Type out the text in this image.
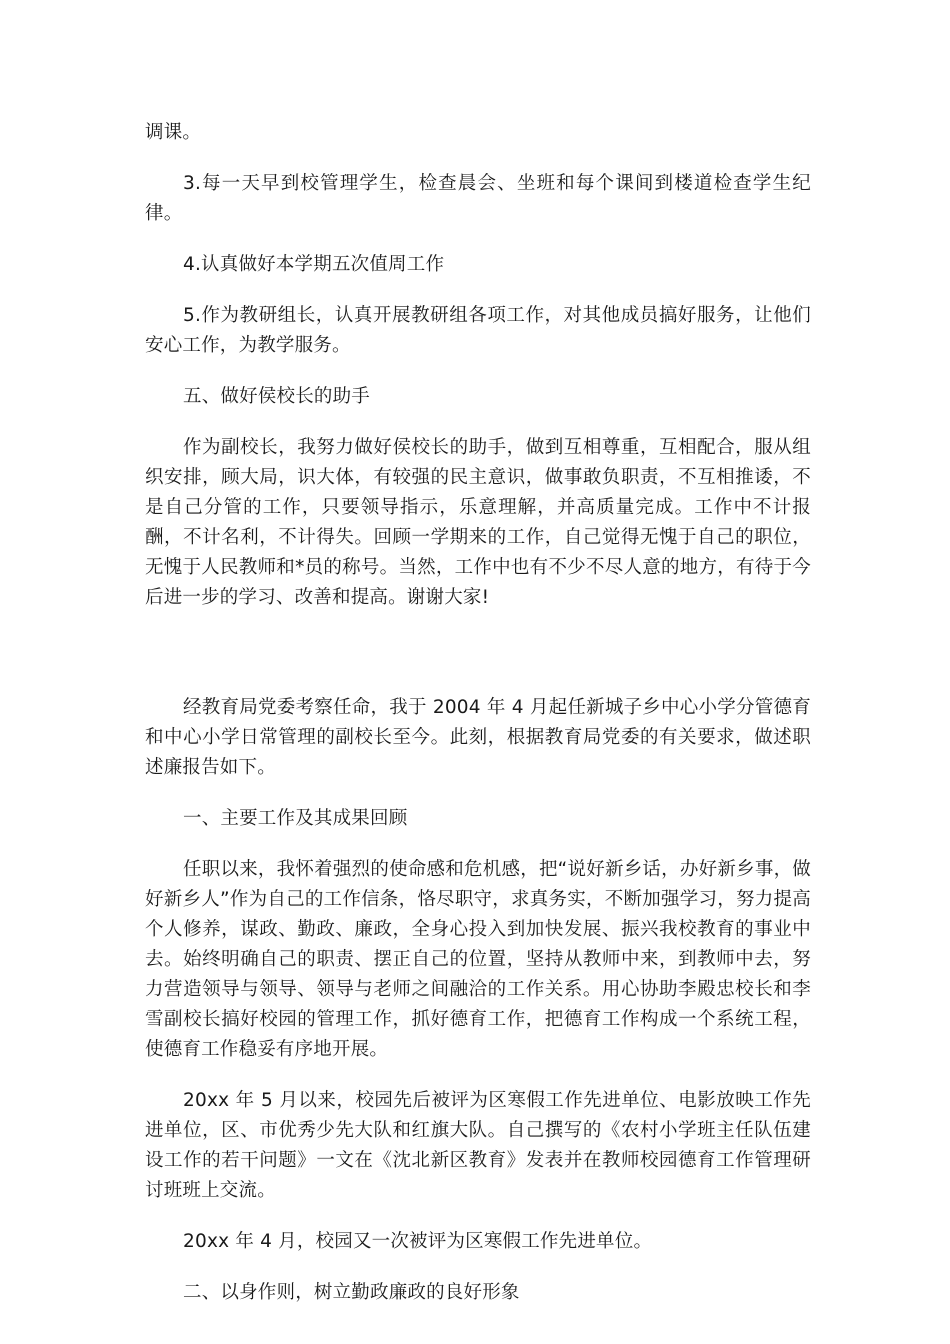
调课。

3.每一天早到校管理学生，检查晨会、坐班和每个课间到楼道检查学生纪律。

4.认真做好本学期五次值周工作

5.作为教研组长，认真开展教研组各项工作，对其他成员搞好服务，让他们安心工作，为教学服务。

五、做好侯校长的助手

作为副校长，我努力做好侯校长的助手，做到互相尊重，互相配合，服从组织安排，顾大局，识大体，有较强的民主意识，做事敢负职责，不互相推诿，不是自己分管的工作，只要领导指示，乐意理解，并高质量完成。工作中不计报酬，不计名利，不计得失。回顾一学期来的工作，自己觉得无愧于自己的职位，无愧于人民教师和*员的称号。当然，工作中也有不少不尽人意的地方，有待于今后进一步的学习、改善和提高。谢谢大家!

经教育局党委考察任命，我于 2004 年 4 月起任新城子乡中心小学分管德育和中心小学日常管理的副校长至今。此刻，根据教育局党委的有关要求，做述职述廉报告如下。

一、主要工作及其成果回顾

任职以来，我怀着强烈的使命感和危机感，把“说好新乡话，办好新乡事，做好新乡人”作为自己的工作信条，恪尽职守，求真务实，不断加强学习，努力提高个人修养，谋政、勤政、廉政，全身心投入到加快发展、振兴我校教育的事业中去。始终明确自己的职责、摆正自己的位置，坚持从教师中来，到教师中去，努力营造领导与领导、领导与老师之间融洽的工作关系。用心协助李殿忠校长和李雪副校长搞好校园的管理工作，抓好德育工作，把德育工作构成一个系统工程，使德育工作稳妥有序地开展。

20xx 年 5 月以来，校园先后被评为区寒假工作先进单位、电影放映工作先进单位，区、市优秀少先大队和红旗大队。自己撰写的《农村小学班主任队伍建设工作的若干问题》一文在《沈北新区教育》发表并在教师校园德育工作管理研讨班班上交流。

20xx 年 4 月，校园又一次被评为区寒假工作先进单位。

二、以身作则，树立勤政廉政的良好形象
